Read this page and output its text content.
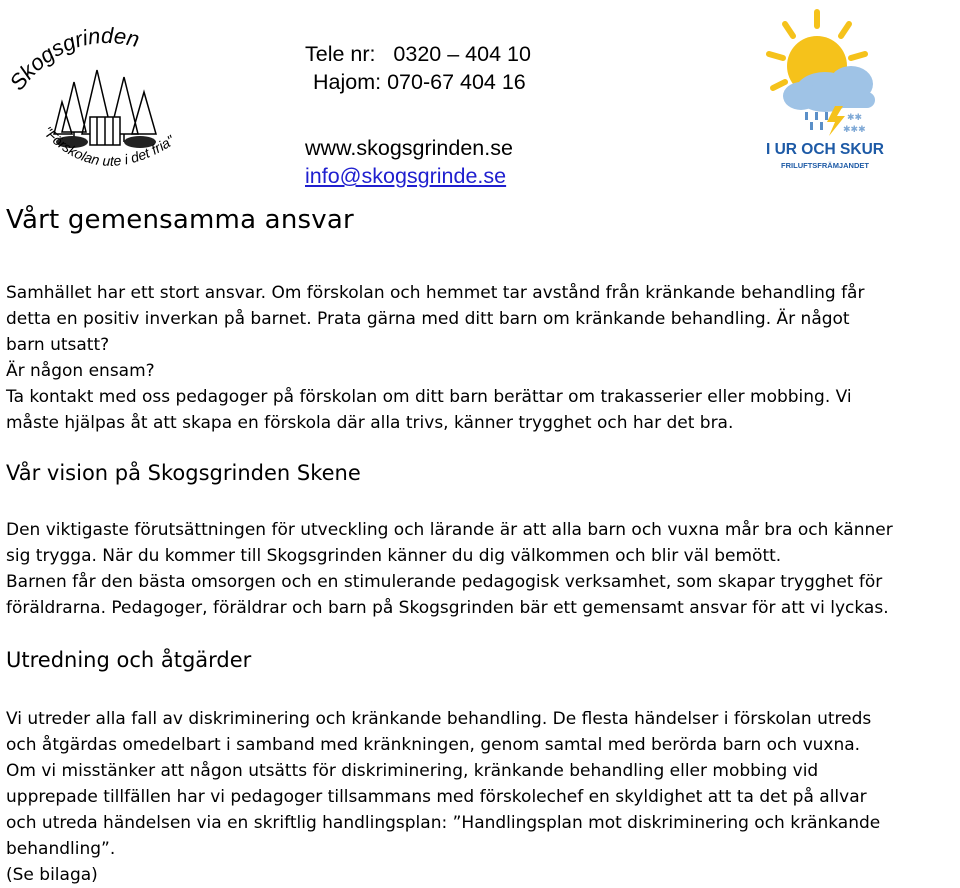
Skogsgrinden
"Förskolan ute i det fria"
Tele nr:   0320 – 404 10
Hajom: 070-67 404 16
www.skogsgrinden.se
info@skogsgrinde.se
✱✱
✱✱✱
I UR OCH SKUR
FRILUFTSFRÄMJANDET
Vårt gemensamma ansvar

Samhället har ett stort ansvar. Om förskolan och hemmet tar avstånd från kränkande behandling får
detta en positiv inverkan på barnet. Prata gärna med ditt barn om kränkande behandling. Är något
barn utsatt?
Är någon ensam?
Ta kontakt med oss pedagoger på förskolan om ditt barn berättar om trakasserier eller mobbing. Vi
måste hjälpas åt att skapa en förskola där alla trivs, känner trygghet och har det bra.

Vår vision på Skogsgrinden Skene

Den viktigaste förutsättningen för utveckling och lärande är att alla barn och vuxna mår bra och känner
sig trygga. När du kommer till Skogsgrinden känner du dig välkommen och blir väl bemött.
Barnen får den bästa omsorgen och en stimulerande pedagogisk verksamhet, som skapar trygghet för
föräldrarna. Pedagoger, föräldrar och barn på Skogsgrinden bär ett gemensamt ansvar för att vi lyckas.

Utredning och åtgärder

Vi utreder alla fall av diskriminering och kränkande behandling. De flesta händelser i förskolan utreds
och åtgärdas omedelbart i samband med kränkningen, genom samtal med berörda barn och vuxna.
Om vi misstänker att någon utsätts för diskriminering, kränkande behandling eller mobbing vid
upprepade tillfällen har vi pedagoger tillsammans med förskolechef en skyldighet att ta det på allvar
och utreda händelsen via en skriftlig handlingsplan: ”Handlingsplan mot diskriminering och kränkande
behandling”.
(Se bilaga)
